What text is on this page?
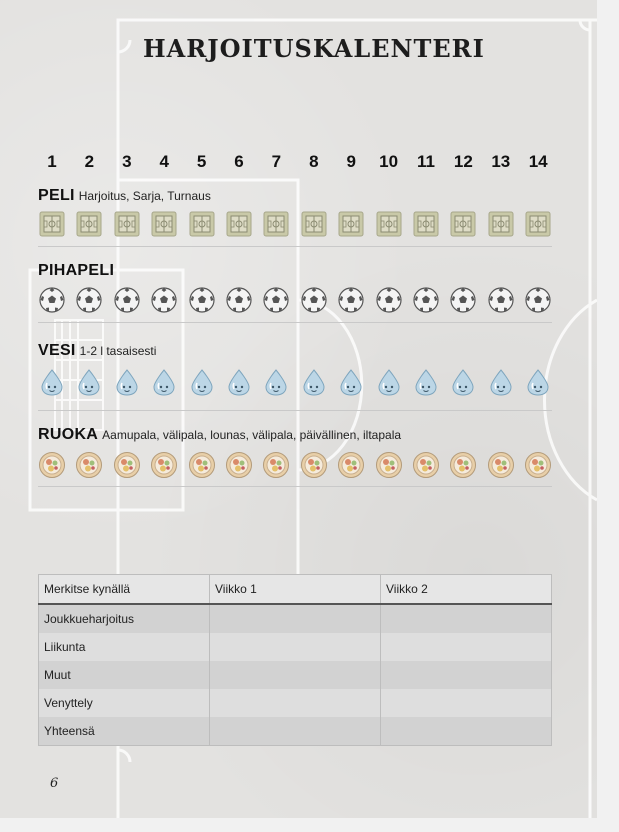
HARJOITUSKALENTERI
1	2	3	4	5	6	7	8	9	10	11	12	13	14
PELI Harjoitus, Sarja, Turnaus
PIHAPELI
VESI 1-2 l tasaisesti
RUOKA Aamupala, välipala, lounas, välipala, päivällinen, iltapala
Merkitse kynällä	Viikko 1	Viikko 2
Joukkueharjoitus		
Liikunta		
Muut		
Venyttely		
Yhteensä		
6
